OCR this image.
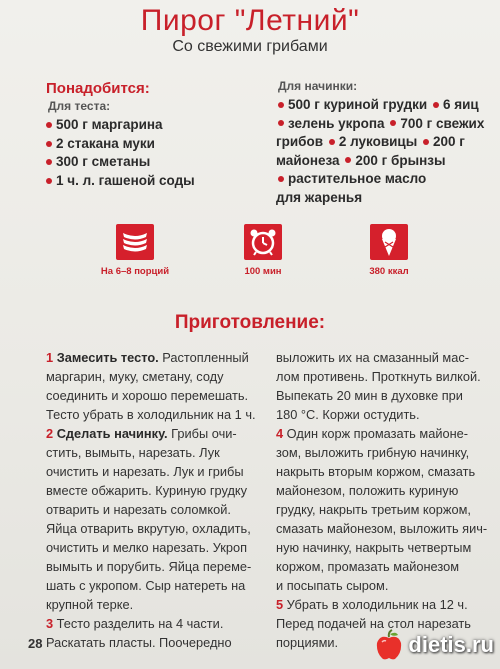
Пирог "Летний"
Со свежими грибами
Понадобится:
Для теста:
500 г маргарина
2 стакана муки
300 г сметаны
1 ч. л. гашеной соды
Для начинки:

500 г куриной грудки 6 яиц

зелень укропа 700 г свежих

грибов 2 луковицы 200 г

майонеза 200 г брынзы

растительное масло

для жаренья

На 6–8 порций	100 мин	380 ккал
Приготовление:

1 Замесить тесто. Растопленный

маргарин, муку, сметану, соду

соединить и хорошо перемешать.

Тесто убрать в холодильник на 1 ч.

2 Сделать начинку. Грибы очи-

стить, вымыть, нарезать. Лук

очистить и нарезать. Лук и грибы

вместе обжарить. Куриную грудку

отварить и нарезать соломкой.

Яйца отварить вкрутую, охладить,

очистить и мелко нарезать. Укроп

вымыть и порубить. Яйца переме-

шать с укропом. Сыр натереть на

крупной терке.

3 Тесто разделить на 4 части.

Раскатать пласты. Поочередно

выложить их на смазанный мас-

лом противень. Проткнуть вилкой.

Выпекать 20 мин в духовке при

180 °С. Коржи остудить.

4 Один корж промазать майоне-

зом, выложить грибную начинку,

накрыть вторым коржом, смазать

майонезом, положить куриную

грудку, накрыть третьим коржом,

смазать майонезом, выложить яич-

ную начинку, накрыть четвертым

коржом, промазать майонезом

и посыпать сыром.

5 Убрать в холодильник на 12 ч.

Перед подачей на стол нарезать

порциями.

28	dietis.ru
